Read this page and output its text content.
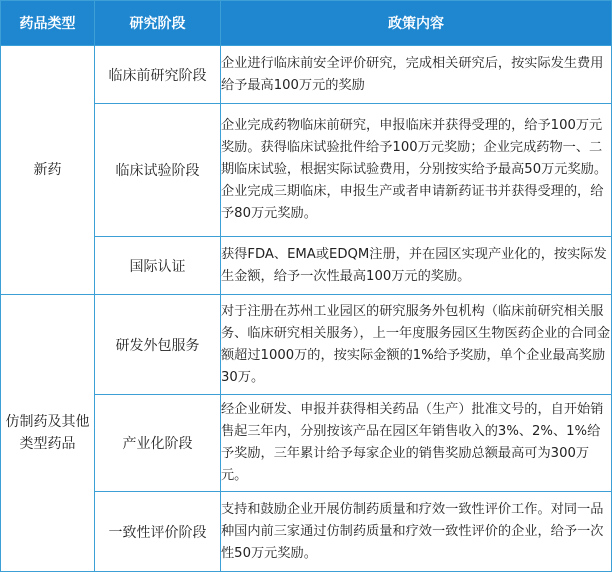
药品类型	研究阶段	政策内容
新药	临床前研究阶段	企业进行临床前安全评价研究，完成相关研究后，按实际发生费用给予最高100万元的奖励
	临床试验阶段	企业完成药物临床前研究，申报临床并获得受理的，给予100万元奖励。获得临床试验批件给予100万元奖励；企业完成药物一、二期临床试验，根据实际试验费用，分别按实给予最高50万元奖励。企业完成三期临床，申报生产或者申请新药证书并获得受理的，给予80万元奖励。
	国际认证	获得FDA、EMA或EDQM注册，并在园区实现产业化的，按实际发生金额，给予一次性最高100万元的奖励。
仿制药及其他类型药品	研发外包服务	对于注册在苏州工业园区的研究服务外包机构（临床前研究相关服务、临床研究相关服务），上一年度服务园区生物医药企业的合同金额超过1000万的，按实际金额的1%给予奖励，单个企业最高奖励30万。
	产业化阶段	经企业研发、申报并获得相关药品（生产）批准文号的，自开始销售起三年内，分别按该产品在园区年销售收入的3%、2%、1%给予奖励，三年累计给予每家企业的销售奖励总额最高可为300万元。
	一致性评价阶段	支持和鼓励企业开展仿制药质量和疗效一致性评价工作。对同一品种国内前三家通过仿制药质量和疗效一致性评价的企业，给予一次性50万元奖励。
